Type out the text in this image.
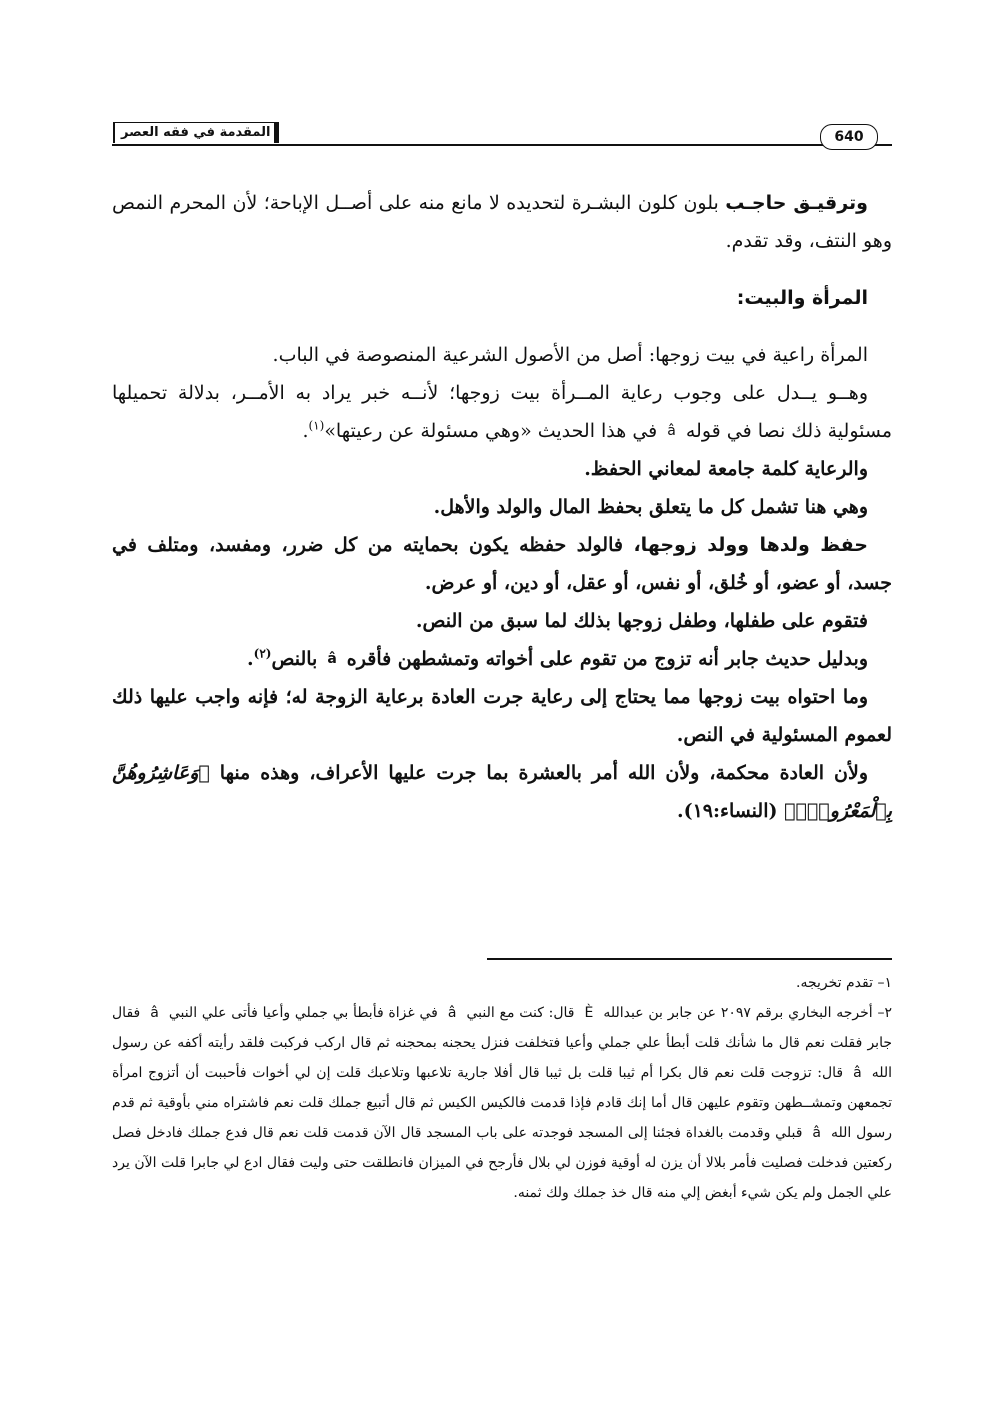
المقدمة في فقه العصر	640

وترقيـق حاجـب بلون كلون البشـرة لتحديده لا مانع منه على أصــل الإباحة؛ لأن المحرم النمص وهو النتف، وقد تقدم.

المرأة والبيت:

المرأة راعية في بيت زوجها: أصل من الأصول الشرعية المنصوصة في الباب.

وهــو يــدل على وجوب رعاية المــرأة بيت زوجها؛ لأنــه خبر يراد به الأمــر، بدلالة تحميلها مسئولية ذلك نصا في قوله$^â$في هذا الحديث «وهي مسئولة عن رعيتها»$^{(١)}$.

والرعاية كلمة جامعة لمعاني الحفظ.

وهي هنا تشمل كل ما يتعلق بحفظ المال والولد والأهل.

حفظ ولدها وولد زوجها، فالولد حفظه يكون بحمايته من كل ضرر، ومفسد، ومتلف في جسد، أو عضو، أو خُلق، أو نفس، أو عقل، أو دين، أو عرض.

فتقوم على طفلها، وطفل زوجها بذلك لما سبق من النص.

وبدليل حديث جابر أنه تزوج من تقوم على أخواته وتمشطهن فأقره$^â$بالنص$^{(٢)}$.

وما احتواه بيت زوجها مما يحتاج إلى رعاية جرت العادة برعاية الزوجة له؛ فإنه واجب عليها ذلك لعموم المسئولية في النص.

ولأن العادة محكمة، ولأن الله أمر بالعشرة بما جرت عليها الأعراف، وهذه منها ﴿وَعَاشِرُوهُنَّ بِٱلْمَعْرُوفِۚ﴾ (النساء:١٩).

١– تقدم تخريجه.

٢– أخرجه البخاري برقم ٢٠٩٧ عن جابر بن عبداللهÈقال: كنت مع النبيâفي غزاة فأبطأ بي جملي وأعيا فأتى علي النبيâفقال جابر فقلت نعم قال ما شأنك قلت أبطأ علي جملي وأعيا فتخلفت فنزل يحجنه بمحجنه ثم قال اركب فركبت فلقد رأيته أكفه عن رسول اللهâقال: تزوجت قلت نعم قال بكرا أم ثيبا قلت بل ثيبا قال أفلا جارية تلاعبها وتلاعبك قلت إن لي أخوات فأحببت أن أتزوج امرأة تجمعهن وتمشــطهن وتقوم عليهن قال أما إنك قادم فإذا قدمت فالكيس الكيس ثم قال أتبيع جملك قلت نعم فاشتراه مني بأوقية ثم قدم رسول اللهâقبلي وقدمت بالغداة فجئنا إلى المسجد فوجدته على باب المسجد قال الآن قدمت قلت نعم قال فدع جملك فادخل فصل ركعتين فدخلت فصليت فأمر بلالا أن يزن له أوقية فوزن لي بلال فأرجح في الميزان فانطلقت حتى وليت فقال ادع لي جابرا قلت الآن يرد علي الجمل ولم يكن شيء أبغض إلي منه قال خذ جملك ولك ثمنه.
